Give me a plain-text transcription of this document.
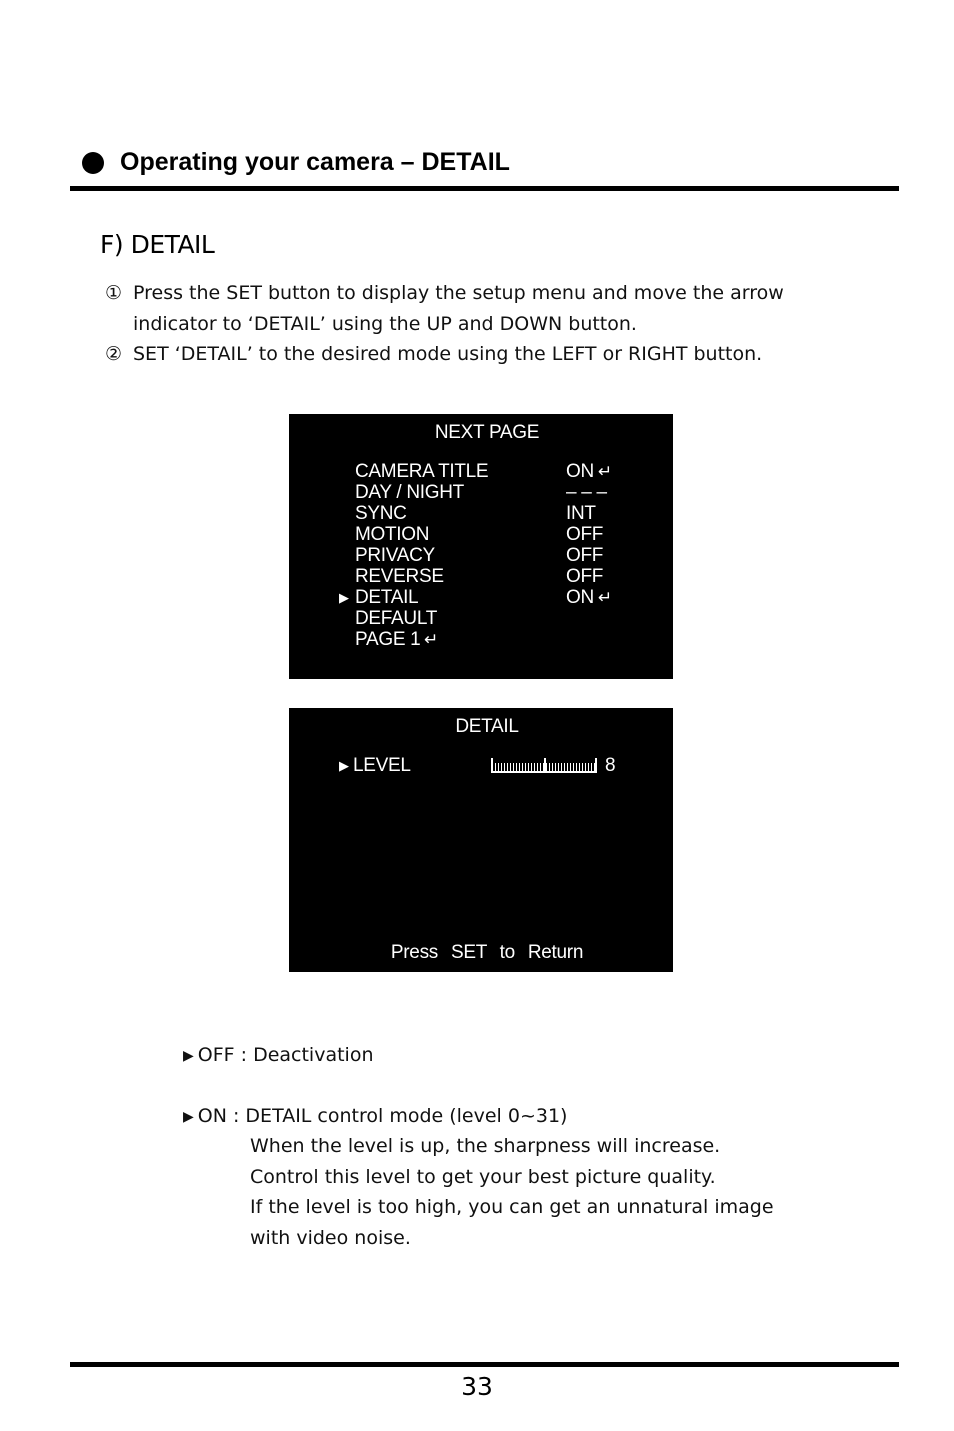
Operating your camera – DETAIL
F) DETAIL
① Press the SET button to display the setup menu and move the arrow indicator to ‘DETAIL’ using the UP and DOWN button.
② SET ‘DETAIL’ to the desired mode using the LEFT or RIGHT button.
NEXT PAGE
CAMERA TITLE	ON ↵
DAY / NIGHT	– – –
SYNC	INT
MOTION	OFF
PRIVACY	OFF
REVERSE	OFF
▶ DETAIL	ON ↵
DEFAULT
PAGE 1 ↵
DETAIL
▶ LEVEL	8
Press SET to Return
▶ OFF : Deactivation
▶ ON : DETAIL control mode (level 0~31)
When the level is up, the sharpness will increase.
Control this level to get your best picture quality.
If the level is too high, you can get an unnatural image
with video noise.
33
